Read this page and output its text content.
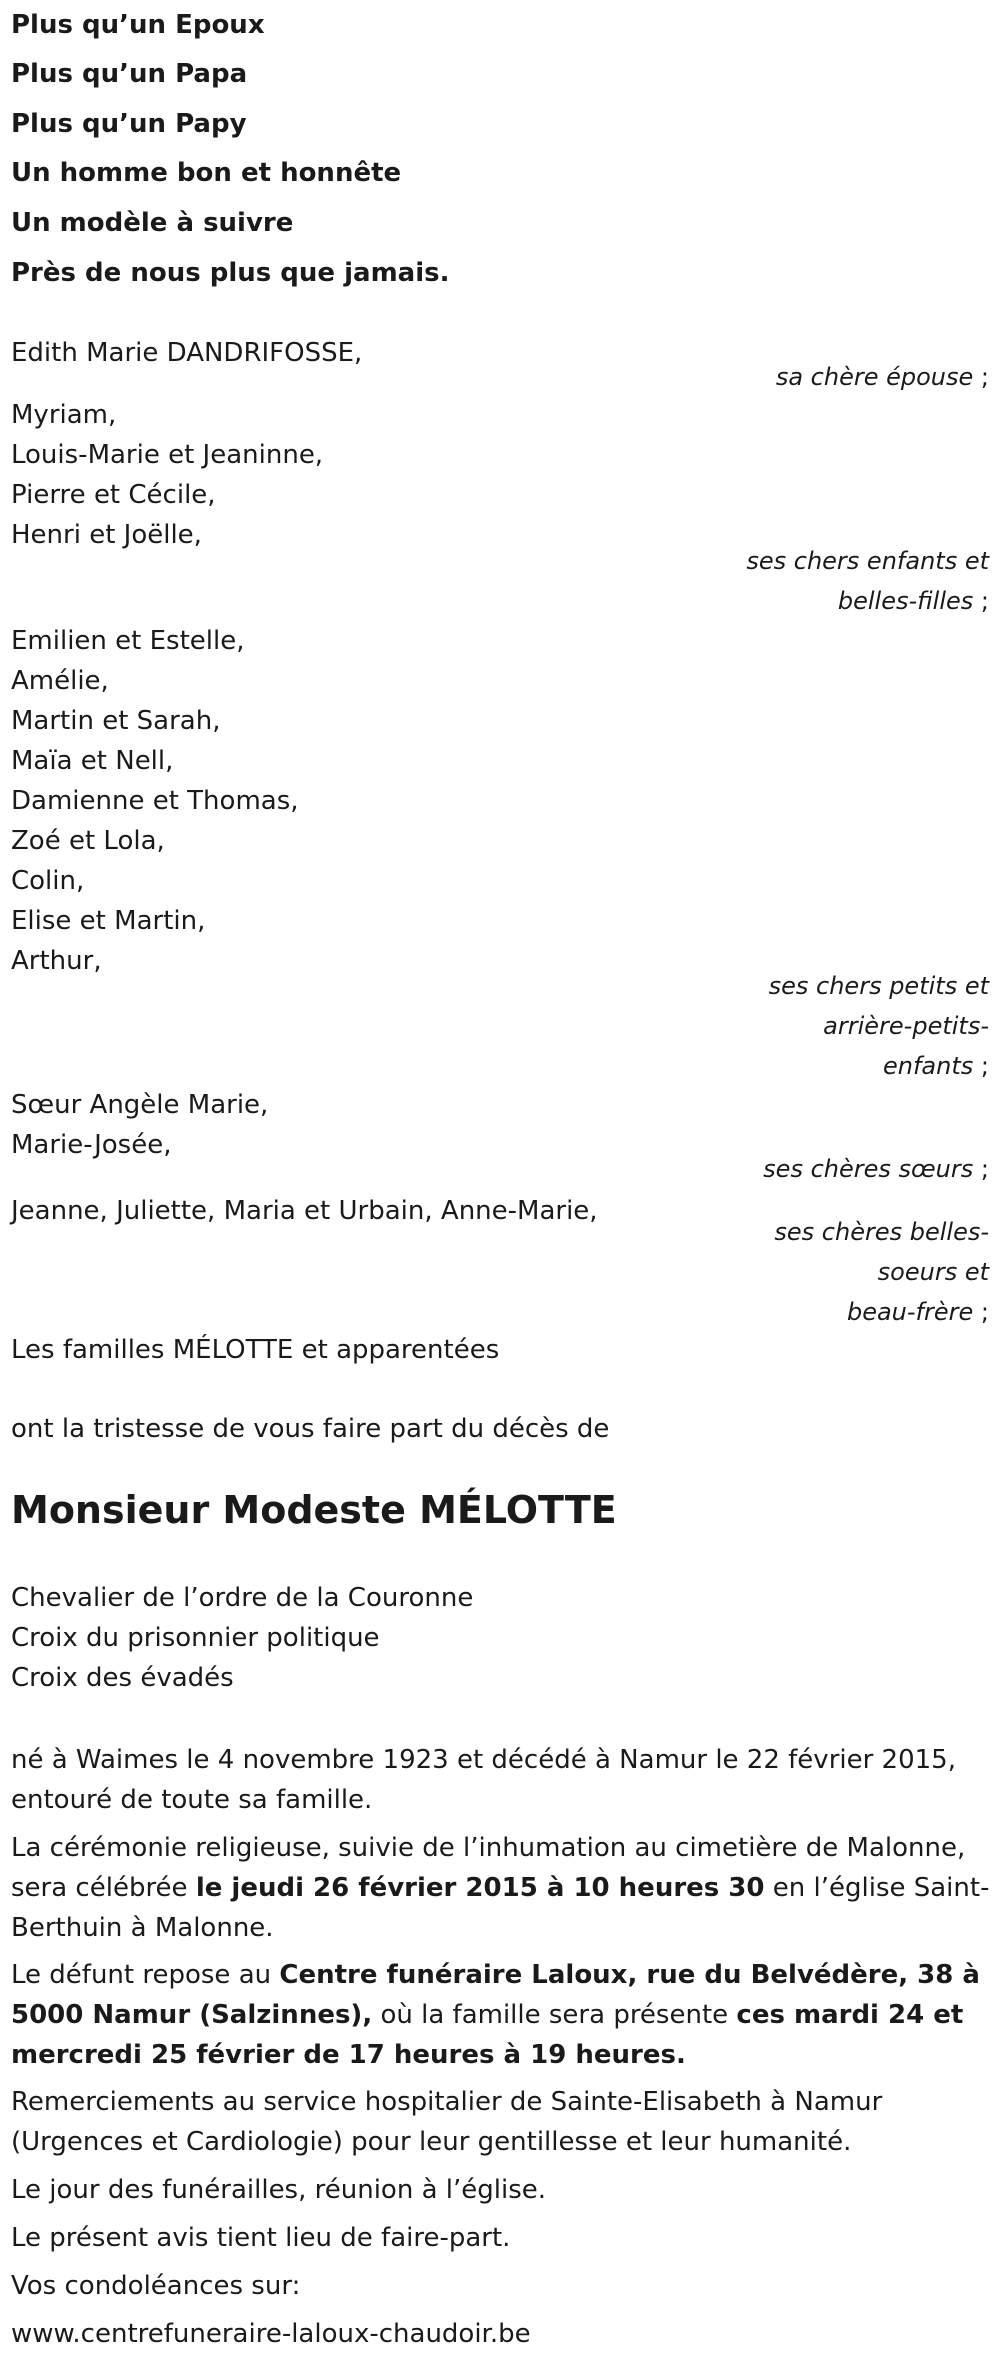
Plus qu’un Epoux
Plus qu’un Papa
Plus qu’un Papy
Un homme bon et honnête
Un modèle à suivre
Près de nous plus que jamais.
Edith Marie DANDRIFOSSE,
sa chère épouse ;
Myriam,
Louis-Marie et Jeaninne,
Pierre et Cécile,
Henri et Joëlle,
ses chers enfants et
belles-filles ;
Emilien et Estelle,
Amélie,
Martin et Sarah,
Maïa et Nell,
Damienne et Thomas,
Zoé et Lola,
Colin,
Elise et Martin,
Arthur,
ses chers petits et
arrière-petits-
enfants ;
Sœur Angèle Marie,
Marie-Josée,
ses chères sœurs ;
Jeanne, Juliette, Maria et Urbain, Anne-Marie,
ses chères belles-
soeurs et
beau-frère ;
Les familles MÉLOTTE et apparentées
ont la tristesse de vous faire part du décès de
Monsieur Modeste MÉLOTTE
Chevalier de l’ordre de la Couronne
Croix du prisonnier politique
Croix des évadés
né à Waimes le 4 novembre 1923 et décédé à Namur le 22 février 2015, entouré de toute sa famille.
La cérémonie religieuse, suivie de l’inhumation au cimetière de Malonne, sera célébrée le jeudi 26 février 2015 à 10 heures 30 en l’église Saint-Berthuin à Malonne.
Le défunt repose au Centre funéraire Laloux, rue du Belvédère, 38 à 5000 Namur (Salzinnes), où la famille sera présente ces mardi 24 et mercredi 25 février de 17 heures à 19 heures.
Remerciements au service hospitalier de Sainte-Elisabeth à Namur (Urgences et Cardiologie) pour leur gentillesse et leur humanité.
Le jour des funérailles, réunion à l’église.
Le présent avis tient lieu de faire-part.
Vos condoléances sur:
www.centrefuneraire-laloux-chaudoir.be
